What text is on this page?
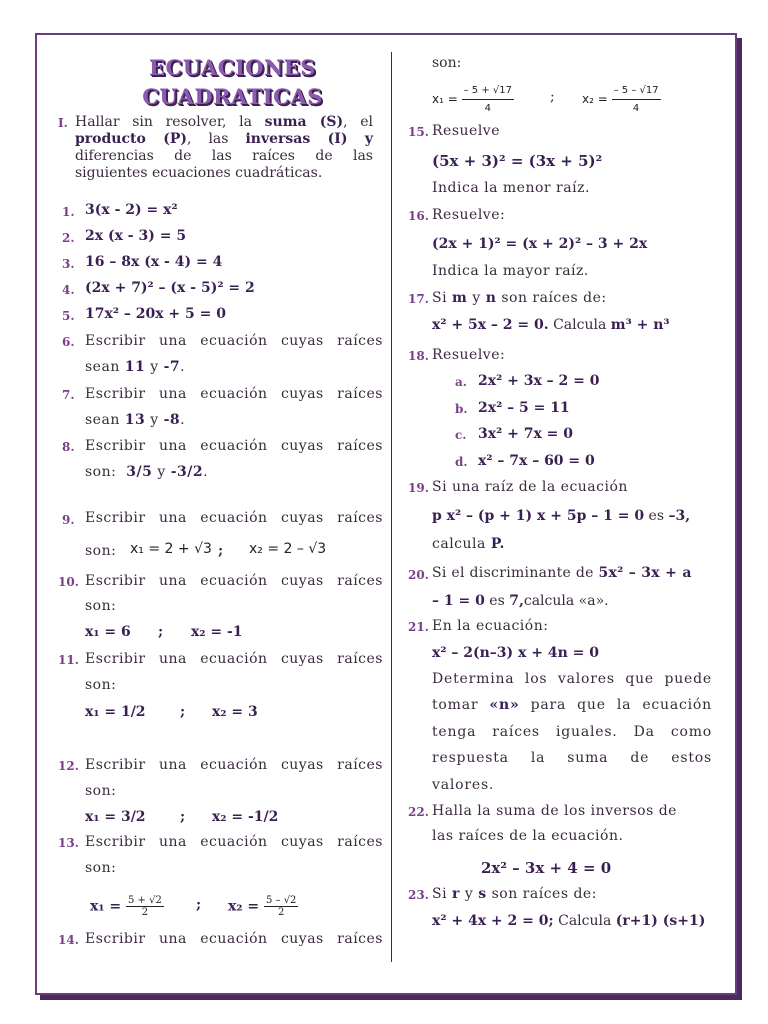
ECUACIONES
CUADRATICAS
I. Hallar sin resolver, la suma (S), el
producto (P), las inversas (I) y
diferencias de las raíces de las
siguientes ecuaciones cuadráticas.
1. 3(x - 2) = x²
2. 2x (x - 3) = 5
3. 16 – 8x (x - 4) = 4
4. (2x + 7)² – (x - 5)² = 2
5. 17x² – 20x + 5 = 0
6. Escribir una ecuación cuyas raíces
sean 11 y -7.
7. Escribir una ecuación cuyas raíces
sean 13 y -8.
8. Escribir una ecuación cuyas raíces
son: 3/5 y -3/2.
9. Escribir una ecuación cuyas raíces
son: x₁ = 2 + √3 ; x₂ = 2 – √3
10. Escribir una ecuación cuyas raíces
son:
x₁ = 6 ; x₂ = -1
11. Escribir una ecuación cuyas raíces
son:
x₁ = 1/2 ; x₂ = 3
12. Escribir una ecuación cuyas raíces
son:
x₁ = 3/2 ; x₂ = -1/2
13. Escribir una ecuación cuyas raíces
son:
$x_1 = \frac{5 + √2}{2}$ ; $x_2 = \frac{5 - √2}{2}$
14. Escribir una ecuación cuyas raíces
son:
$x_1 = \frac{- 5 + √17}{4}$	; $x_2 = \frac{- 5 - √17}{4}$
15. Resuelve
(5x + 3)² = (3x + 5)²
Indica la menor raíz.
16. Resuelve:
(2x + 1)² = (x + 2)² – 3 + 2x
Indica la mayor raíz.
17. Si m y n son raíces de:
x² + 5x – 2 = 0. Calcula m³ + n³
18. Resuelve:
a. 2x² + 3x – 2 = 0
b. 2x² – 5 = 11
c. 3x² + 7x = 0
d. x² – 7x – 60 = 0
19. Si una raíz de la ecuación
p x² – (p + 1) x + 5p – 1 = 0 es –3,
calcula P.
20. Si el discriminante de 5x² – 3x + a
– 1 = 0 es 7,calcula «a».
21. En la ecuación:
x² – 2(n–3) x + 4n = 0
Determina los valores que puede
tomar «n» para que la ecuación
tenga raíces iguales. Da como
respuesta la suma de estos
valores.
22. Halla la suma de los inversos de
las raíces de la ecuación.
2x² – 3x + 4 = 0
23. Si r y s son raíces de:
x² + 4x + 2 = 0; Calcula (r+1) (s+1)
